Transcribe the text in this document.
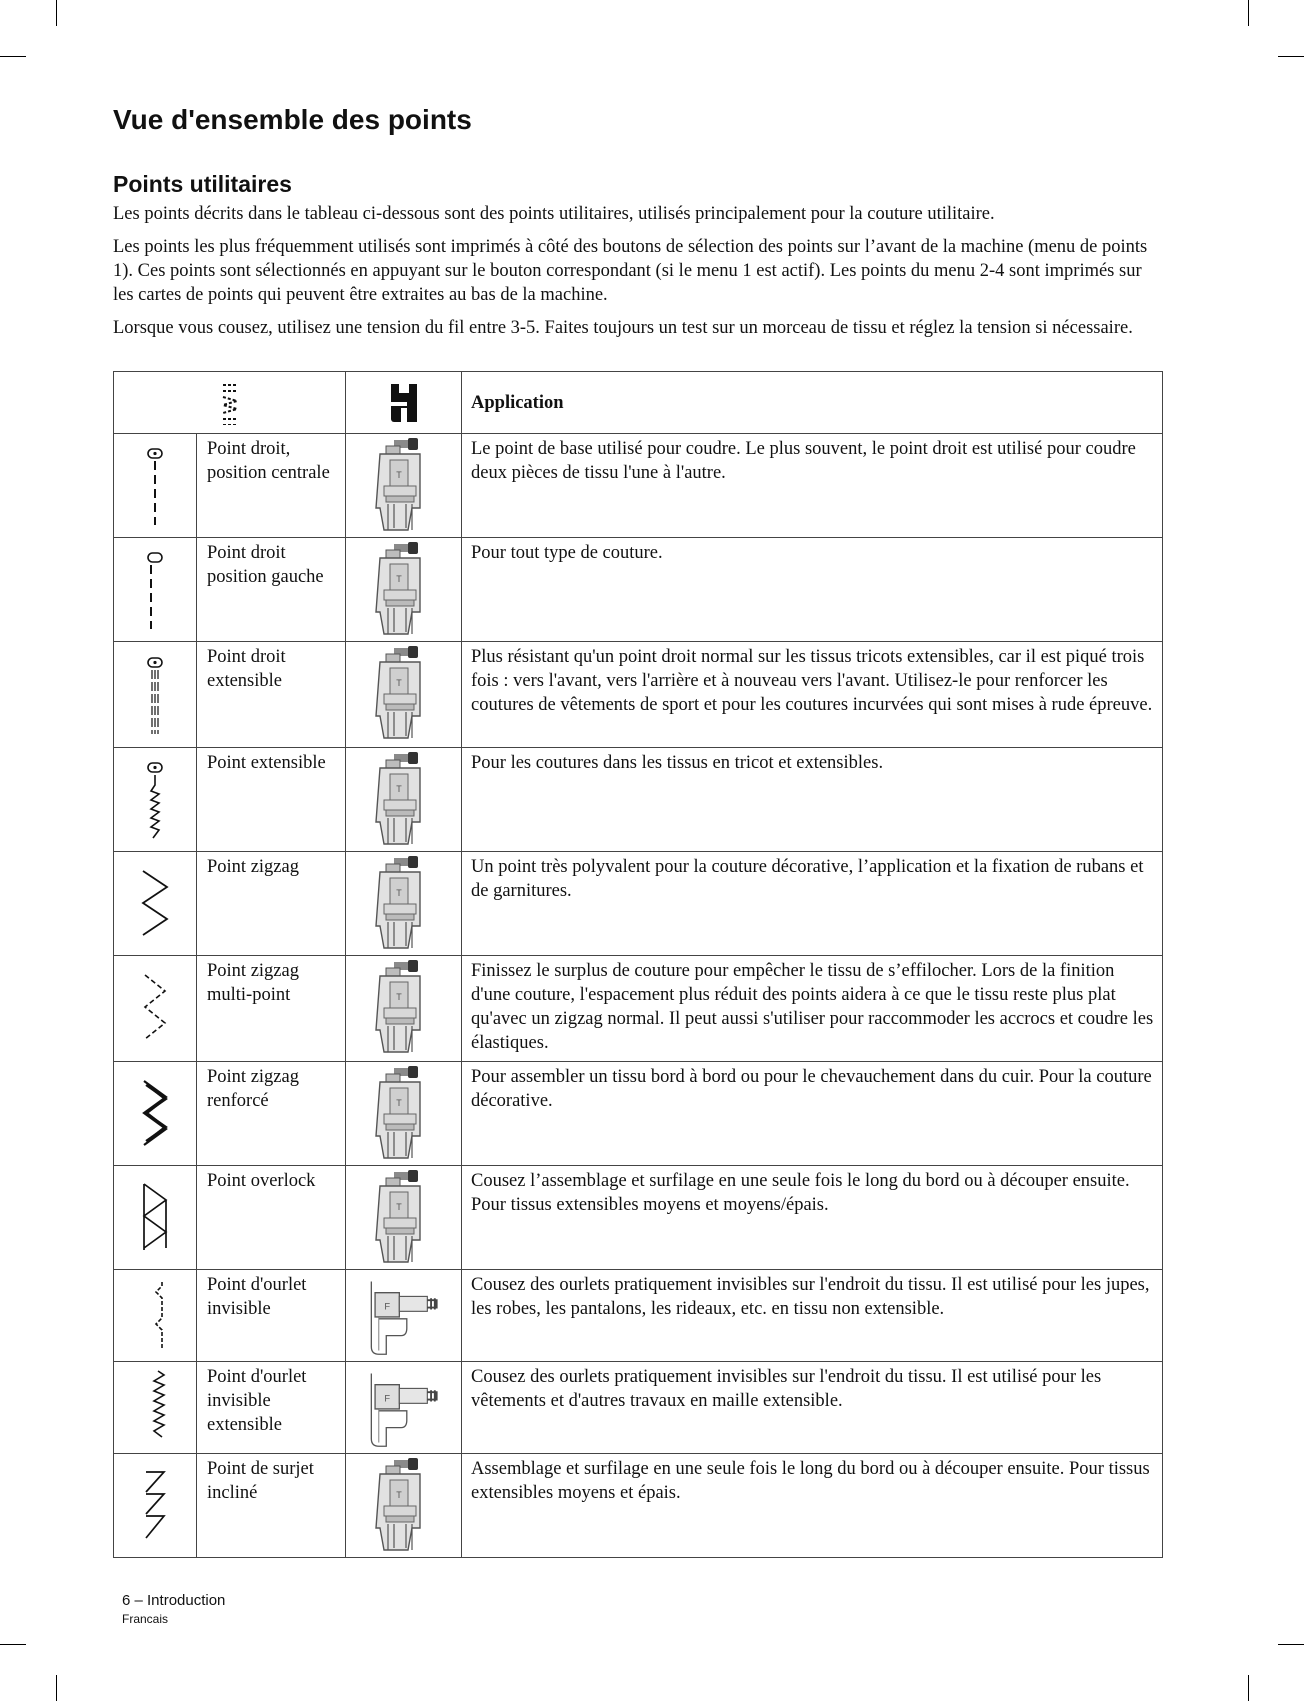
Vue d'ensemble des points
Points utilitaires

Les points décrits dans le tableau ci-dessous sont des points utilitaires, utilisés principalement pour la couture utilitaire.

Les points les plus fréquemment utilisés sont imprimés à côté des boutons de sélection des points sur l’avant de la machine (menu de points 1). Ces points sont sélectionnés en appuyant sur le bouton correspondant (si le menu 1 est actif). Les points du menu 2-4 sont imprimés sur les cartes de points qui peuvent être extraites au bas de la machine.

Lorsque vous cousez, utilisez une tension du fil entre 3-5. Faites toujours un test sur un morceau de tissu et réglez la tension si nécessaire.

	Application

	Point droit, position centrale		Le point de base utilisé pour coudre. Le plus souvent, le point droit est utilisé pour coudre deux pièces de tissu l'une à l'autre.

	Point droit position gauche		Pour tout type de couture.

	Point droit extensible		Plus résistant qu'un point droit normal sur les tissus tricots extensibles, car il est piqué trois fois : vers l'avant, vers l'arrière et à nouveau vers l'avant. Utilisez-le pour renforcer les coutures de vêtements de sport et pour les coutures incurvées qui sont mises à rude épreuve.

	Point extensible		Pour les coutures dans les tissus en tricot et extensibles.

	Point zigzag		Un point très polyvalent pour la couture décorative, l’application et la fixation de rubans et de garnitures.

	Point zigzag multi-point		Finissez le surplus de couture pour empêcher le tissu de s’effilocher. Lors de la finition d'une couture, l'espacement plus réduit des points aidera à ce que le tissu reste plus plat qu'avec un zigzag normal. Il peut aussi s'utiliser pour raccommoder les accrocs et coudre les élastiques.

	Point zigzag renforcé		Pour assembler un tissu bord à bord ou pour le chevauchement dans du cuir. Pour la couture décorative.

	Point overlock		Cousez l’assemblage et surfilage en une seule fois le long du bord ou à découper ensuite. Pour tissus extensibles moyens et moyens/épais.

	Point d'ourlet invisible		Cousez des ourlets pratiquement invisibles sur l'endroit du tissu. Il est utilisé pour les jupes, les robes, les pantalons, les rideaux, etc. en tissu non extensible.

	Point d'ourlet invisible extensible		Cousez des ourlets pratiquement invisibles sur l'endroit du tissu. Il est utilisé pour les vêtements et d'autres travaux en maille extensible.

	Point de surjet incliné		Assemblage et surfilage en une seule fois le long du bord ou à découper ensuite. Pour tissus extensibles moyens et épais.
6 – Introduction
Francais
